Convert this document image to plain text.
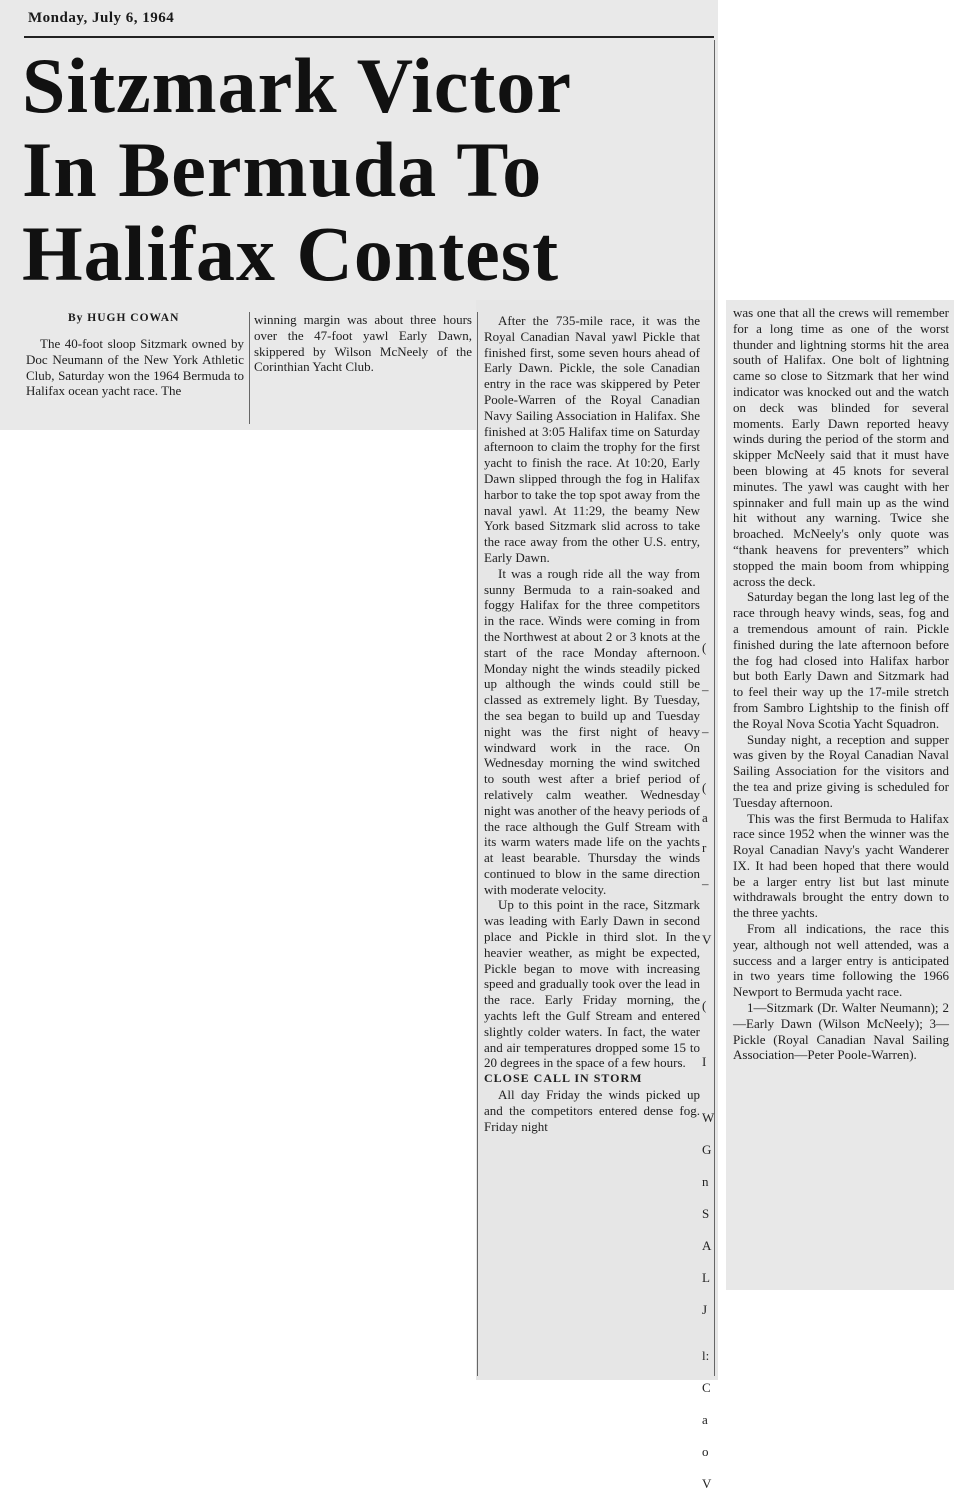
Monday, July 6, 1964
Sitzmark Victor
In Bermuda To
Halifax Contest
By HUGH COWAN

The 40-foot sloop Sitzmark owned by Doc Neumann of the New York Athletic Club, Saturday won the 1964 Bermuda to Halifax ocean yacht race. The

winning margin was about three hours over the 47-foot yawl Early Dawn, skippered by Wilson McNeely of the Corinthian Yacht Club.

After the 735-mile race, it was the Royal Canadian Naval yawl Pickle that finished first, some seven hours ahead of Early Dawn. Pickle, the sole Canadian entry in the race was skippered by Peter Poole-Warren of the Royal Canadian Navy Sailing Association in Halifax. She finished at 3:05 Halifax time on Saturday afternoon to claim the trophy for the first yacht to finish the race. At 10:20, Early Dawn slipped through the fog in Halifax harbor to take the top spot away from the naval yawl. At 11:29, the beamy New York based Sitzmark slid across to take the race away from the other U.S. entry, Early Dawn.

It was a rough ride all the way from sunny Bermuda to a rain-soaked and foggy Halifax for the three competitors in the race. Winds were coming in from the Northwest at about 2 or 3 knots at the start of the race Monday afternoon. Monday night the winds steadily picked up although the winds could still be classed as extremely light. By Tuesday, the sea began to build up and Tuesday night was the first night of heavy windward work in the race. On Wednesday morning the wind switched to south west after a brief period of relatively calm weather. Wednesday night was another of the heavy periods of the race although the Gulf Stream with its warm waters made life on the yachts at least bearable. Thursday the winds continued to blow in the same direction with moderate velocity.

Up to this point in the race, Sitzmark was leading with Early Dawn in second place and Pickle in third slot. In the heavier weather, as might be expected, Pickle began to move with increasing speed and gradually took over the lead in the race. Early Friday morning, the yachts left the Gulf Stream and entered slightly colder waters. In fact, the water and air temperatures dropped some 15 to 20 degrees in the space of a few hours.

CLOSE CALL IN STORM

All day Friday the winds picked up and the competitors entered dense fog. Friday night

was one that all the crews will remember for a long time as one of the worst thunder and lightning storms hit the area south of Halifax. One bolt of lightning came so close to Sitzmark that her wind indicator was knocked out and the watch on deck was blinded for several moments. Early Dawn reported heavy winds during the period of the storm and skipper McNeely said that it must have been blowing at 45 knots for several minutes. The yawl was caught with her spinnaker and full main up as the wind hit without any warning. Twice she broached. McNeely's only quote was “thank heavens for preventers” which stopped the main boom from whipping across the deck.

Saturday began the long last leg of the race through heavy winds, seas, fog and a tremendous amount of rain. Pickle finished during the late afternoon before the fog had closed into Halifax harbor but both Early Dawn and Sitzmark had to feel their way up the 17-mile stretch from Sambro Lightship to the finish off the Royal Nova Scotia Yacht Squadron.

Sunday night, a reception and supper was given by the Royal Canadian Naval Sailing Association for the visitors and the tea and prize giving is scheduled for Tuesday afternoon.

This was the first Bermuda to Halifax race since 1952 when the winner was the Royal Canadian Navy's yacht Wanderer IX. It had been hoped that there would be a larger entry list but last minute withdrawals brought the entry down to the three yachts.

From all indications, the race this year, although not well attended, was a success and a larger entry is anticipated in two years time following the 1966 Newport to Bermuda yacht race.

1—Sitzmark (Dr. Walter Neumann); 2—Early Dawn (Wilson McNeely); 3—Pickle (Royal Canadian Naval Sailing Association—Peter Poole-Warren).

(
–
–
(
a
r
–
V
(
I
W
G
n
S
A
L
J
l:
C
a
o
V
